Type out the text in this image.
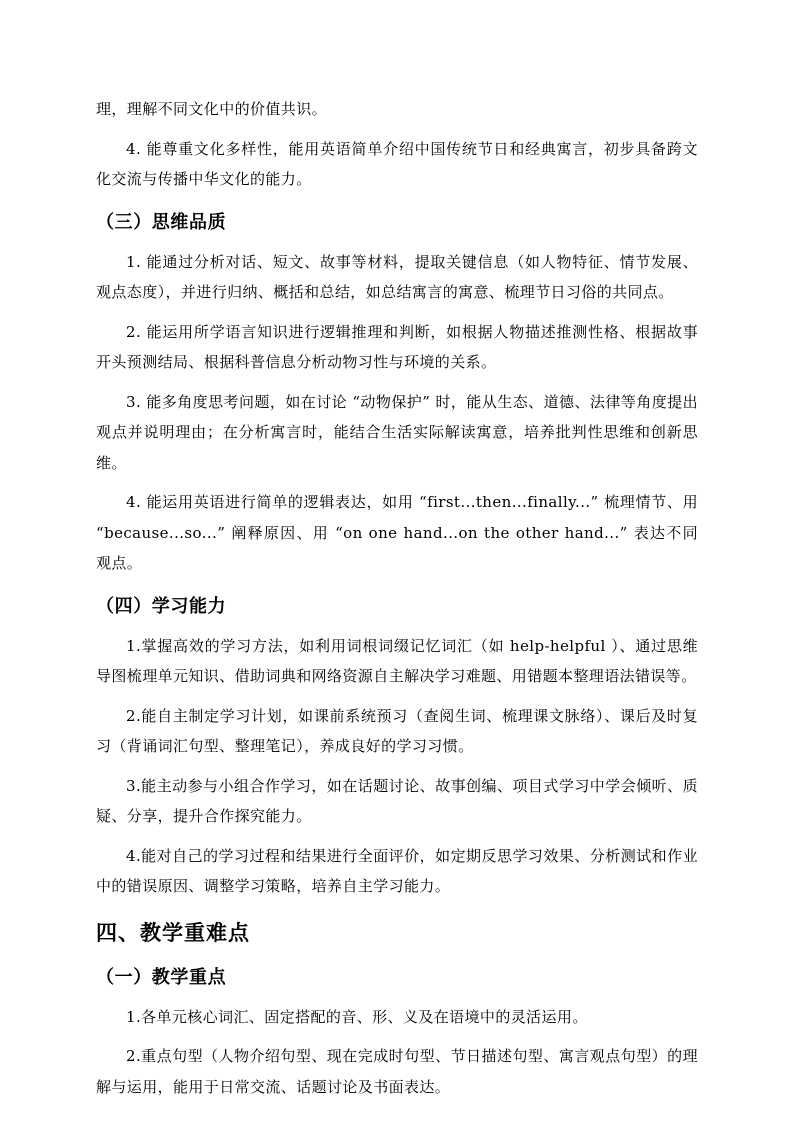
理，理解不同文化中的价值共识。

4. 能尊重文化多样性，能用英语简单介绍中国传统节日和经典寓言，初步具备跨文化交流与传播中华文化的能力。

（三）思维品质

1. 能通过分析对话、短文、故事等材料，提取关键信息（如人物特征、情节发展、观点态度），并进行归纳、概括和总结，如总结寓言的寓意、梳理节日习俗的共同点。

2. 能运用所学语言知识进行逻辑推理和判断，如根据人物描述推测性格、根据故事开头预测结局、根据科普信息分析动物习性与环境的关系。

3. 能多角度思考问题，如在讨论 “动物保护” 时，能从生态、道德、法律等角度提出观点并说明理由；在分析寓言时，能结合生活实际解读寓意，培养批判性思维和创新思维。

4. 能运用英语进行简单的逻辑表达，如用 “first...then...finally...” 梳理情节、用 “because...so...” 阐释原因、用 “on one hand...on the other hand...” 表达不同观点。

（四）学习能力

1.掌握高效的学习方法，如利用词根词缀记忆词汇（如 help-helpful ）、通过思维导图梳理单元知识、借助词典和网络资源自主解决学习难题、用错题本整理语法错误等。

2.能自主制定学习计划，如课前系统预习（查阅生词、梳理课文脉络）、课后及时复习（背诵词汇句型、整理笔记），养成良好的学习习惯。

3.能主动参与小组合作学习，如在话题讨论、故事创编、项目式学习中学会倾听、质疑、分享，提升合作探究能力。

4.能对自己的学习过程和结果进行全面评价，如定期反思学习效果、分析测试和作业中的错误原因、调整学习策略，培养自主学习能力。

四、教学重难点
（一）教学重点

1.各单元核心词汇、固定搭配的音、形、义及在语境中的灵活运用。

2.重点句型（人物介绍句型、现在完成时句型、节日描述句型、寓言观点句型）的理解与运用，能用于日常交流、话题讨论及书面表达。
